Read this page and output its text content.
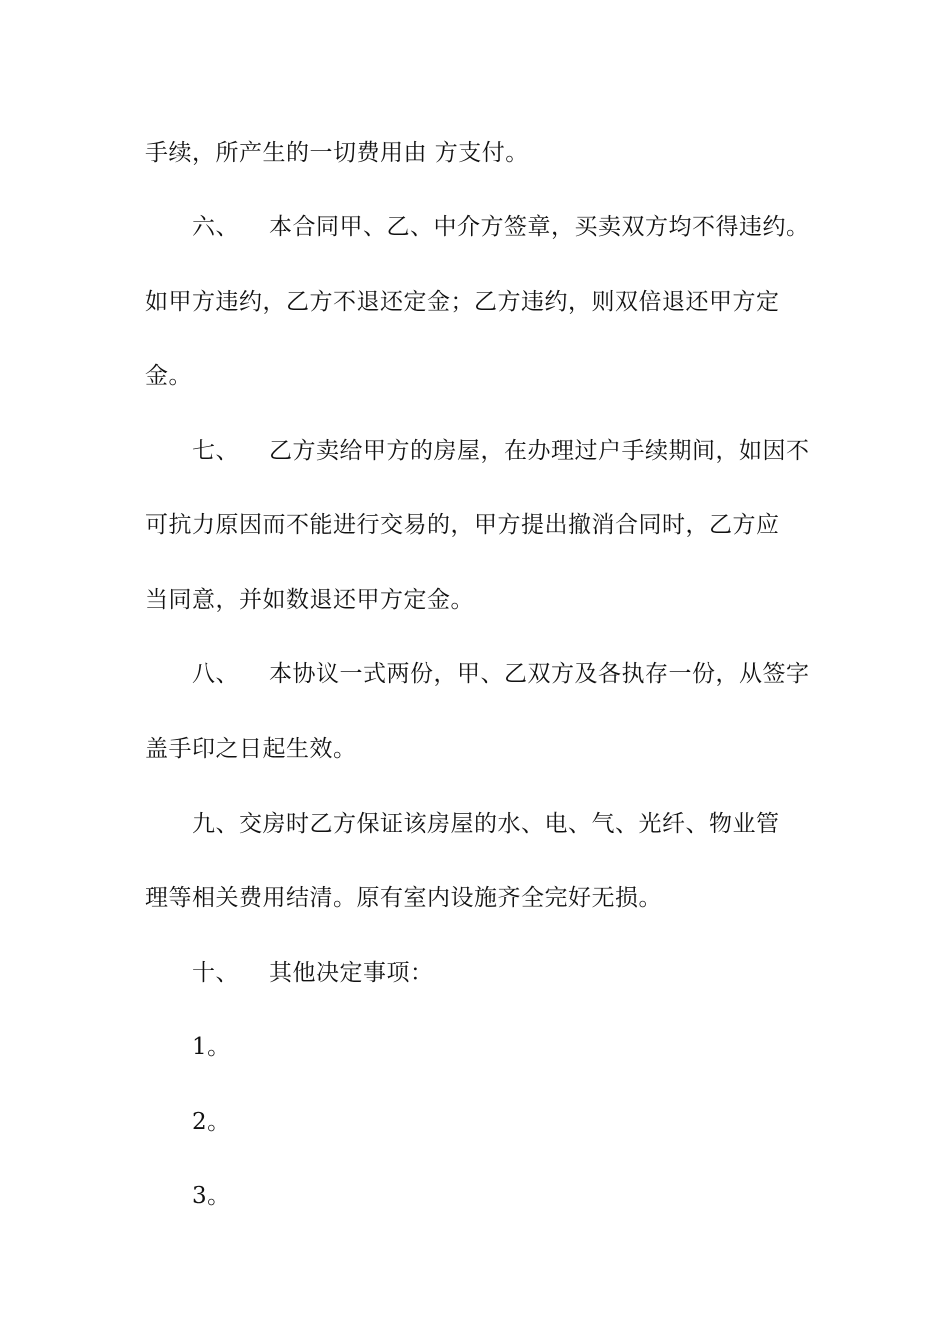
手续，所产生的一切费用由 方支付。
六、 本合同甲、乙、中介方签章，买卖双方均不得违约。
如甲方违约，乙方不退还定金；乙方违约，则双倍退还甲方定
金。
七、 乙方卖给甲方的房屋，在办理过户手续期间，如因不
可抗力原因而不能进行交易的，甲方提出撤消合同时，乙方应
当同意，并如数退还甲方定金。
八、 本协议一式两份，甲、乙双方及各执存一份，从签字
盖手印之日起生效。
九、交房时乙方保证该房屋的水、电、气、光纤、物业管
理等相关费用结清。原有室内设施齐全完好无损。
十、 其他决定事项：
1。
2。
3。
